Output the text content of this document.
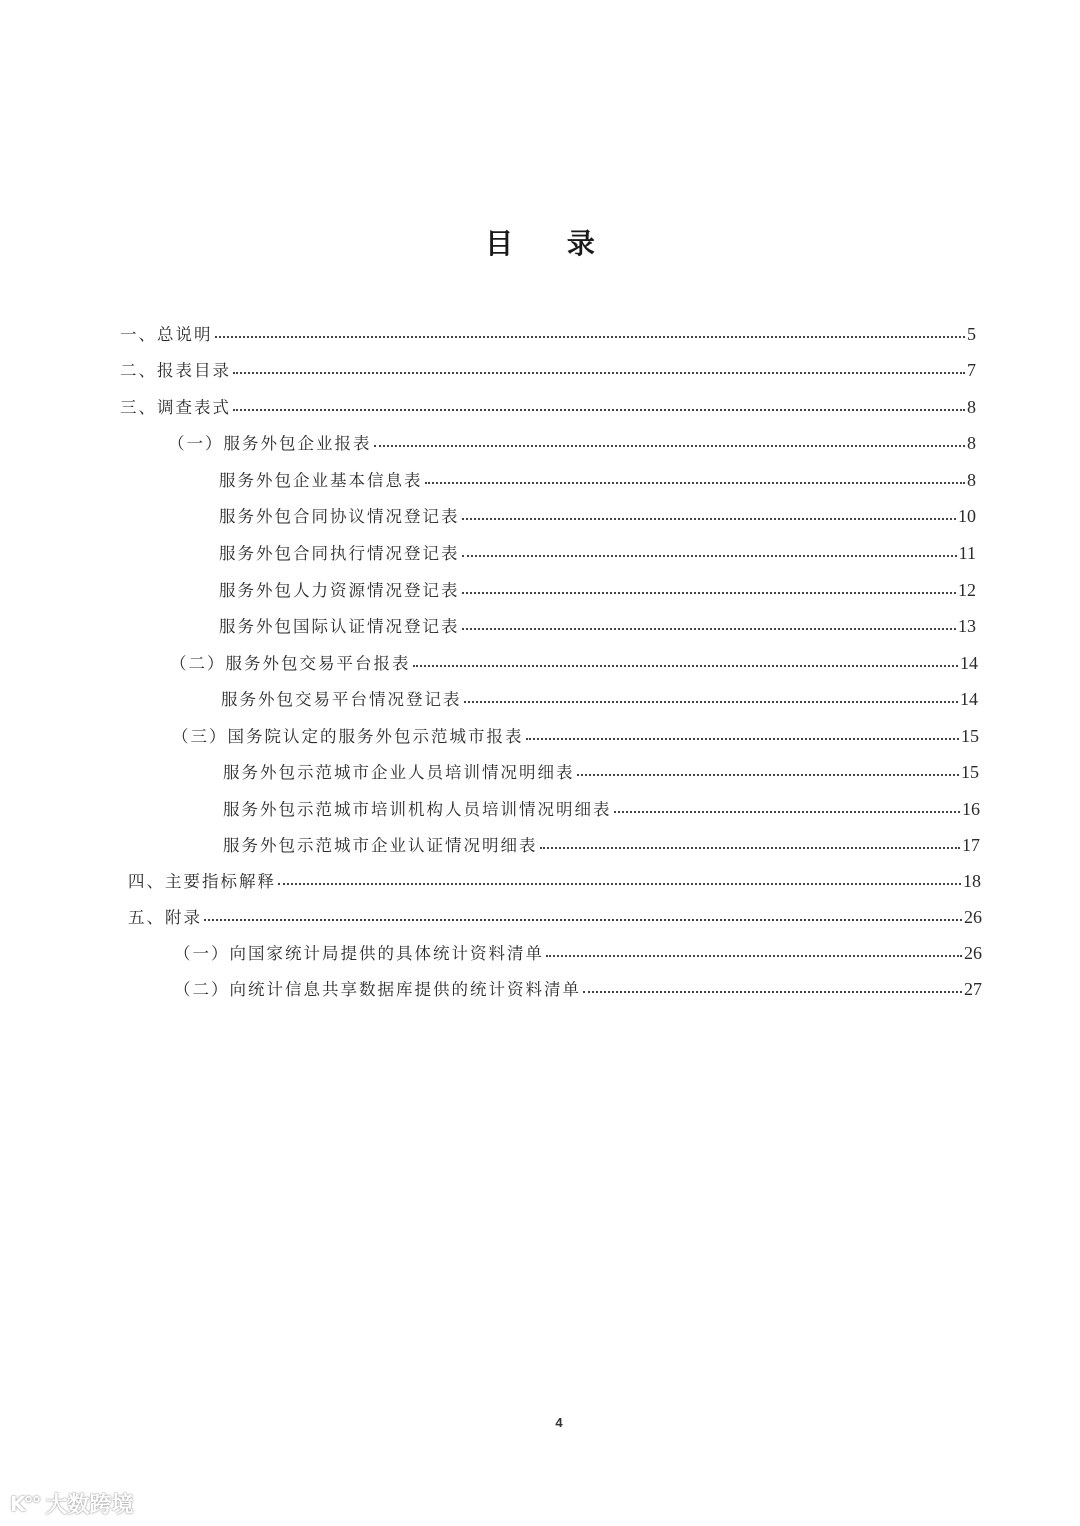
目 录
一、总说明	5
二、报表目录	7
三、调查表式	8
（一）服务外包企业报表	8
服务外包企业基本信息表	8
服务外包合同协议情况登记表	10
服务外包合同执行情况登记表	11
服务外包人力资源情况登记表	12
服务外包国际认证情况登记表	13
（二）服务外包交易平台报表	14
服务外包交易平台情况登记表	14
（三）国务院认定的服务外包示范城市报表	15
服务外包示范城市企业人员培训情况明细表	15
服务外包示范城市培训机构人员培训情况明细表	16
服务外包示范城市企业认证情况明细表	17
四、主要指标解释	18
五、附录	26
（一）向国家统计局提供的具体统计资料清单	26
（二）向统计信息共享数据库提供的统计资料清单	27
4
K°° 大数跨境
